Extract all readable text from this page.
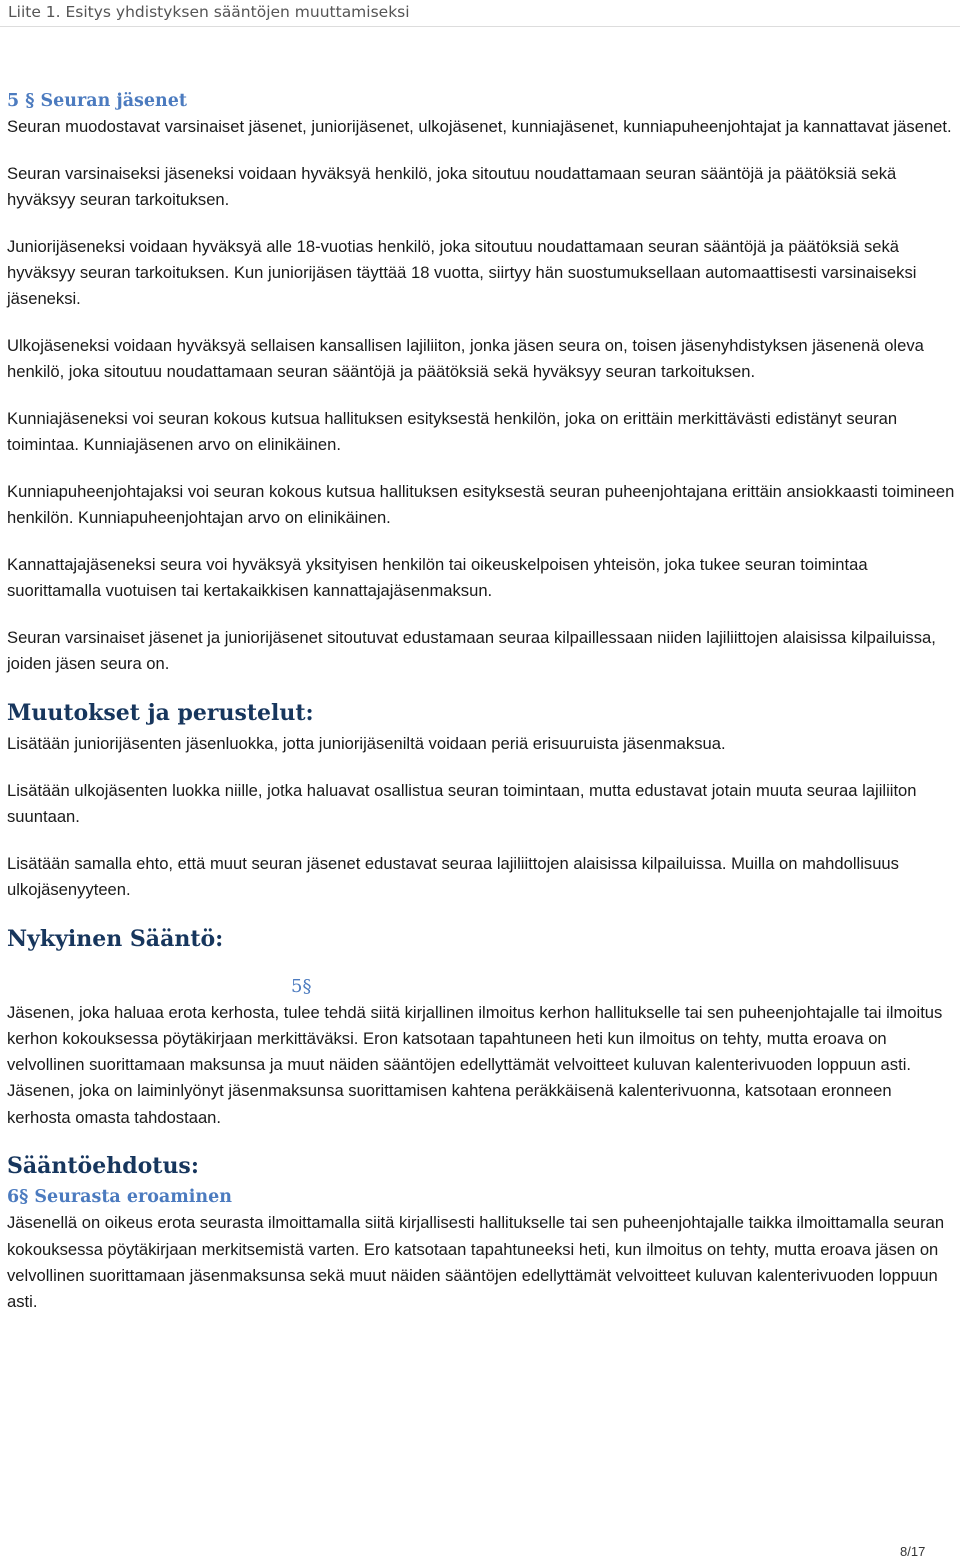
Liite 1. Esitys yhdistyksen sääntöjen muuttamiseksi
5 § Seuran jäsenet

Seuran muodostavat varsinaiset jäsenet, juniorijäsenet, ulkojäsenet, kunniajäsenet, kunniapuheenjohtajat ja kannattavat jäsenet.

Seuran varsinaiseksi jäseneksi voidaan hyväksyä henkilö, joka sitoutuu noudattamaan seuran sääntöjä ja päätöksiä sekä hyväksyy seuran tarkoituksen.

Juniorijäseneksi voidaan hyväksyä alle 18-vuotias henkilö, joka sitoutuu noudattamaan seuran sääntöjä ja päätöksiä sekä hyväksyy seuran tarkoituksen. Kun juniorijäsen täyttää 18 vuotta, siirtyy hän suostumuksellaan automaattisesti varsinaiseksi jäseneksi.

Ulkojäseneksi voidaan hyväksyä sellaisen kansallisen lajiliiton, jonka jäsen seura on, toisen jäsenyhdistyksen jäsenenä oleva henkilö, joka sitoutuu noudattamaan seuran sääntöjä ja päätöksiä sekä hyväksyy seuran tarkoituksen.

Kunniajäseneksi voi seuran kokous kutsua hallituksen esityksestä henkilön, joka on erittäin merkittävästi edistänyt seuran toimintaa. Kunniajäsenen arvo on elinikäinen.

Kunniapuheenjohtajaksi voi seuran kokous kutsua hallituksen esityksestä seuran puheenjohtajana erittäin ansiokkaasti toimineen henkilön. Kunniapuheenjohtajan arvo on elinikäinen.

Kannattajajäseneksi seura voi hyväksyä yksityisen henkilön tai oikeuskelpoisen yhteisön, joka tukee seuran toimintaa suorittamalla vuotuisen tai kertakaikkisen kannattajajäsenmaksun.

Seuran varsinaiset jäsenet ja juniorijäsenet sitoutuvat edustamaan seuraa kilpaillessaan niiden lajiliittojen alaisissa kilpailuissa, joiden jäsen seura on.

Muutokset ja perustelut:

Lisätään juniorijäsenten jäsenluokka, jotta juniorijäseniltä voidaan periä erisuuruista jäsenmaksua.

Lisätään ulkojäsenten luokka niille, jotka haluavat osallistua seuran toimintaan, mutta edustavat jotain muuta seuraa lajiliiton suuntaan.

Lisätään samalla ehto, että muut seuran jäsenet edustavat seuraa lajiliittojen alaisissa kilpailuissa. Muilla on mahdollisuus ulkojäsenyyteen.

Nykyinen Sääntö:
5§

Jäsenen, joka haluaa erota kerhosta, tulee tehdä siitä kirjallinen ilmoitus kerhon hallitukselle tai sen puheenjohtajalle tai ilmoitus kerhon kokouksessa pöytäkirjaan merkittäväksi. Eron katsotaan tapahtuneen heti kun ilmoitus on tehty, mutta eroava on velvollinen suorittamaan maksunsa ja muut näiden sääntöjen edellyttämät velvoitteet kuluvan kalenterivuoden loppuun asti. Jäsenen, joka on laiminlyönyt jäsenmaksunsa suorittamisen kahtena peräkkäisenä kalenterivuonna, katsotaan eronneen kerhosta omasta tahdostaan.

Sääntöehdotus:
6§ Seurasta eroaminen

Jäsenellä on oikeus erota seurasta ilmoittamalla siitä kirjallisesti hallitukselle tai sen puheenjohtajalle taikka ilmoittamalla seuran kokouksessa pöytäkirjaan merkitsemistä varten. Ero katsotaan tapahtuneeksi heti, kun ilmoitus on tehty, mutta eroava jäsen on velvollinen suorittamaan jäsenmaksunsa sekä muut näiden sääntöjen edellyttämät velvoitteet kuluvan kalenterivuoden loppuun asti.

8/17
